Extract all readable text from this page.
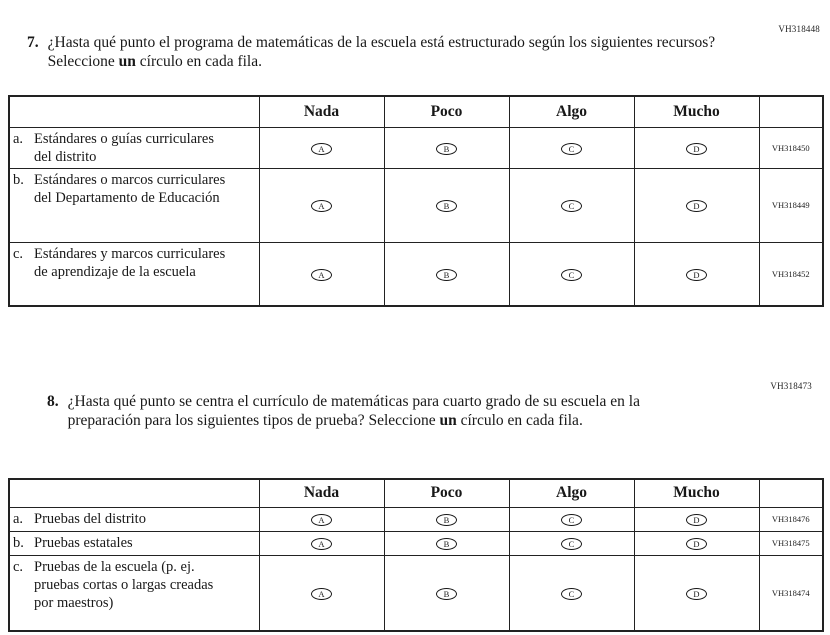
VH318448
7. ¿Hasta qué punto el programa de matemáticas de la escuela está estructurado según los siguientes recursos? Seleccione un círculo en cada fila.

	Nada	Poco	Algo	Mucho	

a. Estándares o guías curriculares del distrito	A	B	C	D	VH318450

b. Estándares o marcos curriculares del Departamento de Educación	A	B	C	D	VH318449

c. Estándares y marcos curriculares de aprendizaje de la escuela	A	B	C	D	VH318452
VH318473
8. ¿Hasta qué punto se centra el currículo de matemáticas para cuarto grado de su escuela en la preparación para los siguientes tipos de prueba? Seleccione un círculo en cada fila.

	Nada	Poco	Algo	Mucho	

a. Pruebas del distrito	A	B	C	D	VH318476

b. Pruebas estatales	A	B	C	D	VH318475

c. Pruebas de la escuela (p. ej. pruebas cortas o largas creadas por maestros)	A	B	C	D	VH318474
